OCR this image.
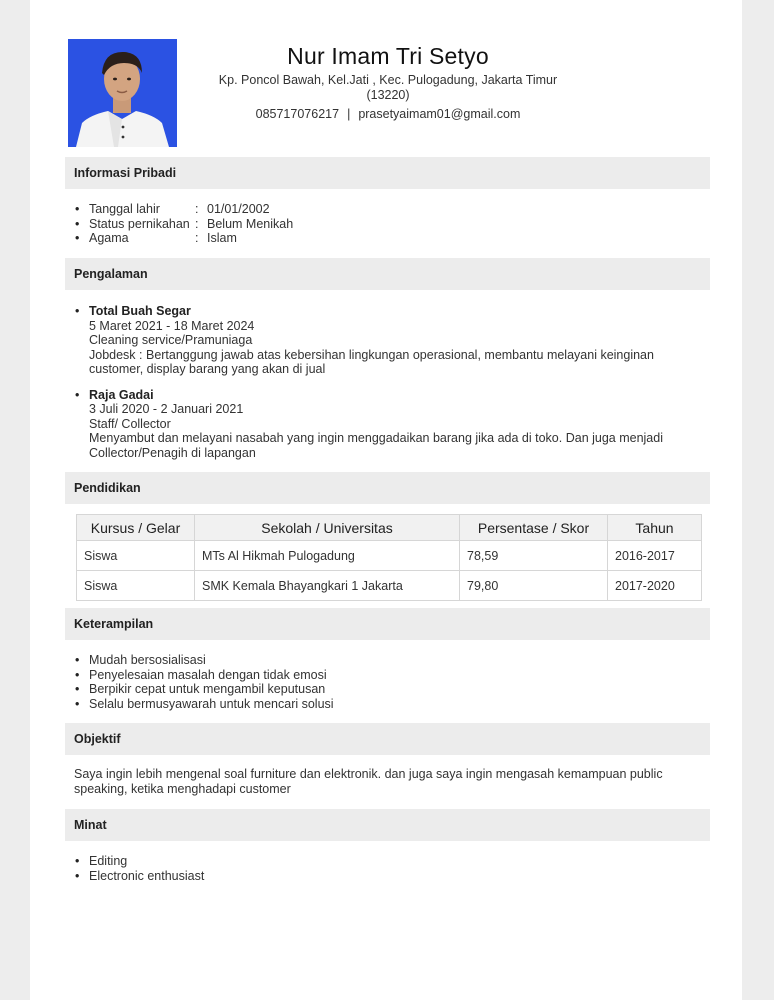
Nur Imam Tri Setyo
Kp. Poncol Bawah, Kel.Jati , Kec. Pulogadung, Jakarta Timur
(13220)
085717076217 | prasetyaimam01@gmail.com
Informasi Pribadi
• Tanggal lahir	: 01/01/2002
• Status pernikahan : Belum Menikah
• Agama	: Islam
Pengalaman
• Total Buah Segar
5 Maret 2021 - 18 Maret 2024
Cleaning service/Pramuniaga
Jobdesk : Bertanggung jawab atas kebersihan lingkungan operasional, membantu melayani keinginan customer, display barang yang akan di jual
• Raja Gadai
3 Juli 2020 - 2 Januari 2021
Staff/ Collector
Menyambut dan melayani nasabah yang ingin menggadaikan barang jika ada di toko. Dan juga menjadi Collector/Penagih di lapangan
Pendidikan
Kursus / Gelar	Sekolah / Universitas	Persentase / Skor	Tahun
Siswa	MTs Al Hikmah Pulogadung	78,59	2016-2017
Siswa	SMK Kemala Bhayangkari 1 Jakarta	79,80	2017-2020
Keterampilan
• Mudah bersosialisasi
• Penyelesaian masalah dengan tidak emosi
• Berpikir cepat untuk mengambil keputusan
• Selalu bermusyawarah untuk mencari solusi
Objektif
Saya ingin lebih mengenal soal furniture dan elektronik. dan juga saya ingin mengasah kemampuan public speaking, ketika menghadapi customer
Minat
• Editing
• Electronic enthusiast
